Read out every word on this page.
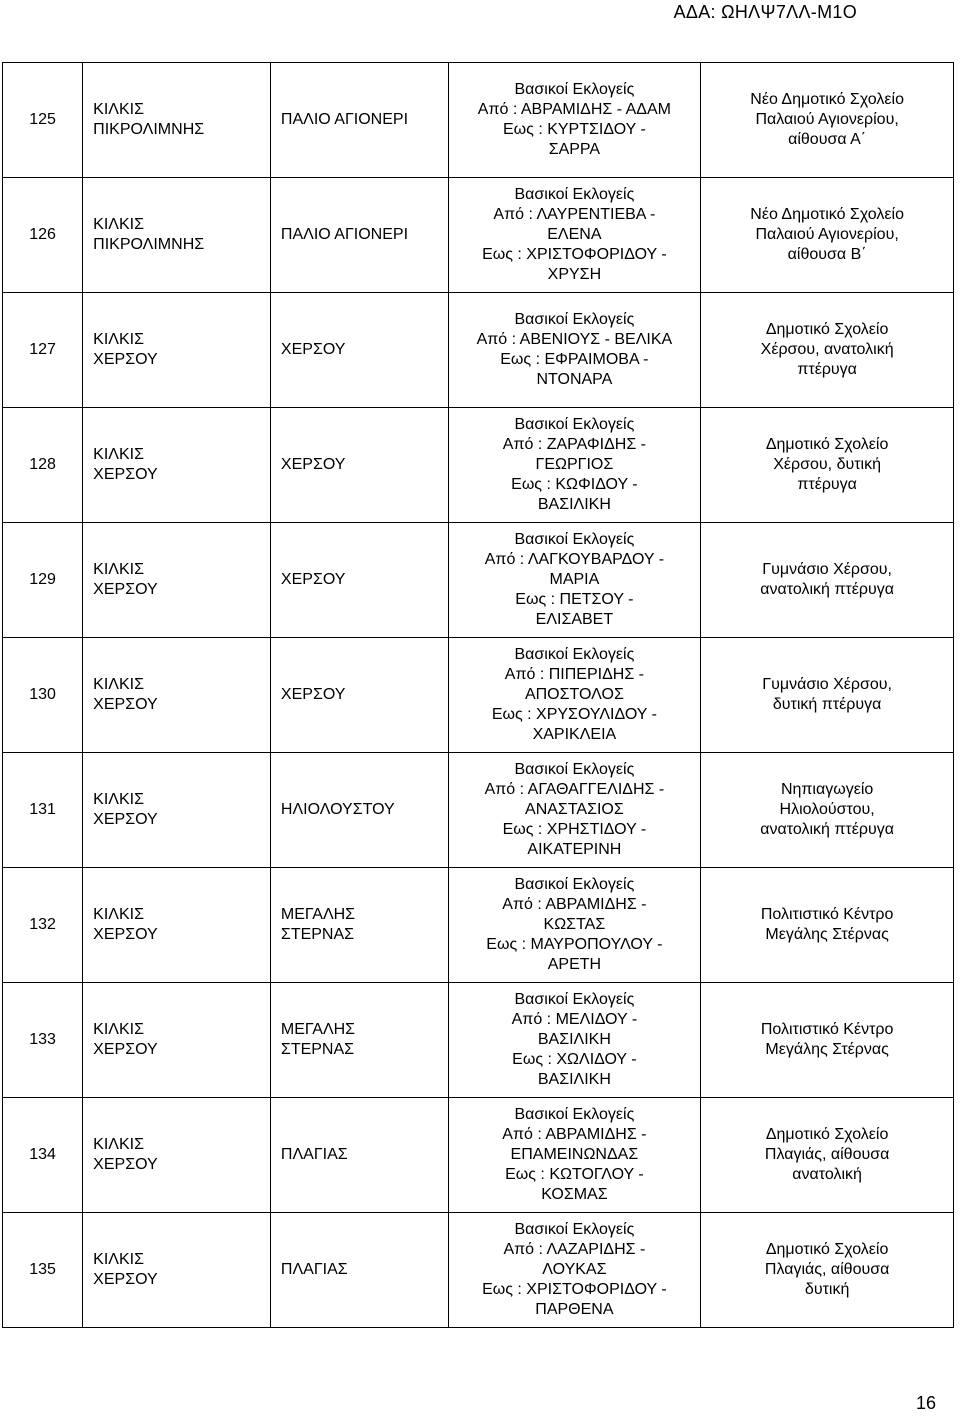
ΑΔΑ: ΩΗΛΨ7ΛΛ-Μ1Ο
125	ΚΙΛΚΙΣ
ΠΙΚΡΟΛΙΜΝΗΣ	ΠΑΛΙΟ ΑΓΙΟΝΕΡΙ	Βασικοί Εκλογείς
Από : ΑΒΡΑΜΙΔΗΣ - ΑΔΑΜ
Εως : ΚΥΡΤΣΙΔΟΥ -
ΣΑΡΡΑ	Νέο Δημοτικό Σχολείο
Παλαιού Αγιονερίου,
αίθουσα Α΄

126	ΚΙΛΚΙΣ
ΠΙΚΡΟΛΙΜΝΗΣ	ΠΑΛΙΟ ΑΓΙΟΝΕΡΙ	Βασικοί Εκλογείς
Από : ΛΑΥΡΕΝΤΙΕΒΑ -
ΕΛΕΝΑ
Εως : ΧΡΙΣΤΟΦΟΡΙΔΟΥ -
ΧΡΥΣΗ	Νέο Δημοτικό Σχολείο
Παλαιού Αγιονερίου,
αίθουσα Β΄

127	ΚΙΛΚΙΣ
ΧΕΡΣΟΥ	ΧΕΡΣΟΥ	Βασικοί Εκλογείς
Από : ΑΒΕΝΙΟΥΣ - ΒΕΛΙΚΑ
Εως : ΕΦΡΑΙΜΟΒΑ -
ΝΤΟΝΑΡΑ	Δημοτικό Σχολείο
Χέρσου, ανατολική
πτέρυγα

128	ΚΙΛΚΙΣ
ΧΕΡΣΟΥ	ΧΕΡΣΟΥ	Βασικοί Εκλογείς
Από : ΖΑΡΑΦΙΔΗΣ -
ΓΕΩΡΓΙΟΣ
Εως : ΚΩΦΙΔΟΥ -
ΒΑΣΙΛΙΚΗ	Δημοτικό Σχολείο
Χέρσου, δυτική
πτέρυγα

129	ΚΙΛΚΙΣ
ΧΕΡΣΟΥ	ΧΕΡΣΟΥ	Βασικοί Εκλογείς
Από : ΛΑΓΚΟΥΒΑΡΔΟΥ -
ΜΑΡΙΑ
Εως : ΠΕΤΣΟΥ -
ΕΛΙΣΑΒΕΤ	Γυμνάσιο Χέρσου,
ανατολική πτέρυγα

130	ΚΙΛΚΙΣ
ΧΕΡΣΟΥ	ΧΕΡΣΟΥ	Βασικοί Εκλογείς
Από : ΠΙΠΕΡΙΔΗΣ -
ΑΠΟΣΤΟΛΟΣ
Εως : ΧΡΥΣΟΥΛΙΔΟΥ -
ΧΑΡΙΚΛΕΙΑ	Γυμνάσιο Χέρσου,
δυτική πτέρυγα

131	ΚΙΛΚΙΣ
ΧΕΡΣΟΥ	ΗΛΙΟΛΟΥΣΤΟΥ	Βασικοί Εκλογείς
Από : ΑΓΑΘΑΓΓΕΛΙΔΗΣ -
ΑΝΑΣΤΑΣΙΟΣ
Εως : ΧΡΗΣΤΙΔΟΥ -
ΑΙΚΑΤΕΡΙΝΗ	Νηπιαγωγείο
Ηλιολούστου,
ανατολική πτέρυγα

132	ΚΙΛΚΙΣ
ΧΕΡΣΟΥ	ΜΕΓΑΛΗΣ
ΣΤΕΡΝΑΣ	Βασικοί Εκλογείς
Από : ΑΒΡΑΜΙΔΗΣ -
ΚΩΣΤΑΣ
Εως : ΜΑΥΡΟΠΟΥΛΟΥ -
ΑΡΕΤΗ	Πολιτιστικό Κέντρο
Μεγάλης Στέρνας

133	ΚΙΛΚΙΣ
ΧΕΡΣΟΥ	ΜΕΓΑΛΗΣ
ΣΤΕΡΝΑΣ	Βασικοί Εκλογείς
Από : ΜΕΛΙΔΟΥ -
ΒΑΣΙΛΙΚΗ
Εως : ΧΩΛΙΔΟΥ -
ΒΑΣΙΛΙΚΗ	Πολιτιστικό Κέντρο
Μεγάλης Στέρνας

134	ΚΙΛΚΙΣ
ΧΕΡΣΟΥ	ΠΛΑΓΙΑΣ	Βασικοί Εκλογείς
Από : ΑΒΡΑΜΙΔΗΣ -
ΕΠΑΜΕΙΝΩΝΔΑΣ
Εως : ΚΩΤΟΓΛΟΥ -
ΚΟΣΜΑΣ	Δημοτικό Σχολείο
Πλαγιάς, αίθουσα
ανατολική

135	ΚΙΛΚΙΣ
ΧΕΡΣΟΥ	ΠΛΑΓΙΑΣ	Βασικοί Εκλογείς
Από : ΛΑΖΑΡΙΔΗΣ -
ΛΟΥΚΑΣ
Εως : ΧΡΙΣΤΟΦΟΡΙΔΟΥ -
ΠΑΡΘΕΝΑ	Δημοτικό Σχολείο
Πλαγιάς, αίθουσα
δυτική
16
